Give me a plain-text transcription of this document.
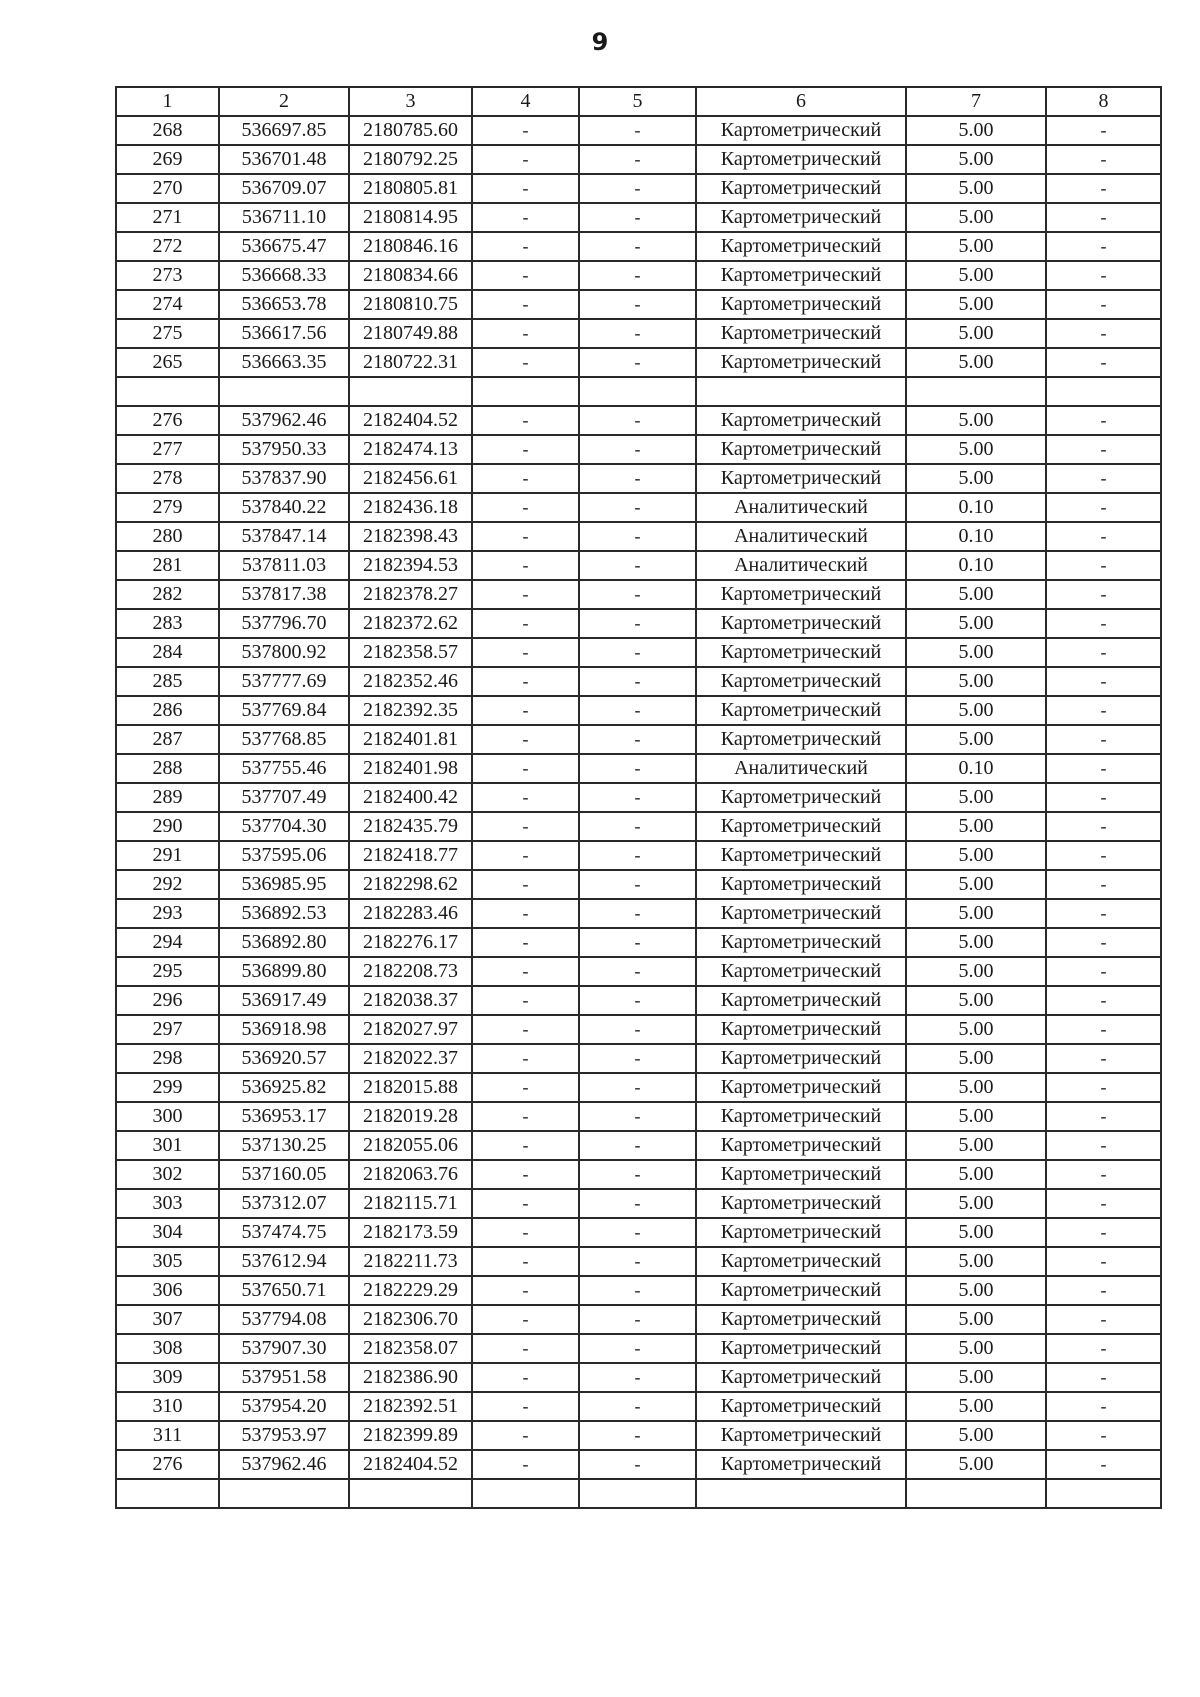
9
1	2	3	4	5	6	7	8
268	536697.85	2180785.60	-	-	Картометрический	5.00	-
269	536701.48	2180792.25	-	-	Картометрический	5.00	-
270	536709.07	2180805.81	-	-	Картометрический	5.00	-
271	536711.10	2180814.95	-	-	Картометрический	5.00	-
272	536675.47	2180846.16	-	-	Картометрический	5.00	-
273	536668.33	2180834.66	-	-	Картометрический	5.00	-
274	536653.78	2180810.75	-	-	Картометрический	5.00	-
275	536617.56	2180749.88	-	-	Картометрический	5.00	-
265	536663.35	2180722.31	-	-	Картометрический	5.00	-

276	537962.46	2182404.52	-	-	Картометрический	5.00	-
277	537950.33	2182474.13	-	-	Картометрический	5.00	-
278	537837.90	2182456.61	-	-	Картометрический	5.00	-
279	537840.22	2182436.18	-	-	Аналитический	0.10	-
280	537847.14	2182398.43	-	-	Аналитический	0.10	-
281	537811.03	2182394.53	-	-	Аналитический	0.10	-
282	537817.38	2182378.27	-	-	Картометрический	5.00	-
283	537796.70	2182372.62	-	-	Картометрический	5.00	-
284	537800.92	2182358.57	-	-	Картометрический	5.00	-
285	537777.69	2182352.46	-	-	Картометрический	5.00	-
286	537769.84	2182392.35	-	-	Картометрический	5.00	-
287	537768.85	2182401.81	-	-	Картометрический	5.00	-
288	537755.46	2182401.98	-	-	Аналитический	0.10	-
289	537707.49	2182400.42	-	-	Картометрический	5.00	-
290	537704.30	2182435.79	-	-	Картометрический	5.00	-
291	537595.06	2182418.77	-	-	Картометрический	5.00	-
292	536985.95	2182298.62	-	-	Картометрический	5.00	-
293	536892.53	2182283.46	-	-	Картометрический	5.00	-
294	536892.80	2182276.17	-	-	Картометрический	5.00	-
295	536899.80	2182208.73	-	-	Картометрический	5.00	-
296	536917.49	2182038.37	-	-	Картометрический	5.00	-
297	536918.98	2182027.97	-	-	Картометрический	5.00	-
298	536920.57	2182022.37	-	-	Картометрический	5.00	-
299	536925.82	2182015.88	-	-	Картометрический	5.00	-
300	536953.17	2182019.28	-	-	Картометрический	5.00	-
301	537130.25	2182055.06	-	-	Картометрический	5.00	-
302	537160.05	2182063.76	-	-	Картометрический	5.00	-
303	537312.07	2182115.71	-	-	Картометрический	5.00	-
304	537474.75	2182173.59	-	-	Картометрический	5.00	-
305	537612.94	2182211.73	-	-	Картометрический	5.00	-
306	537650.71	2182229.29	-	-	Картометрический	5.00	-
307	537794.08	2182306.70	-	-	Картометрический	5.00	-
308	537907.30	2182358.07	-	-	Картометрический	5.00	-
309	537951.58	2182386.90	-	-	Картометрический	5.00	-
310	537954.20	2182392.51	-	-	Картометрический	5.00	-
311	537953.97	2182399.89	-	-	Картометрический	5.00	-
276	537962.46	2182404.52	-	-	Картометрический	5.00	-
